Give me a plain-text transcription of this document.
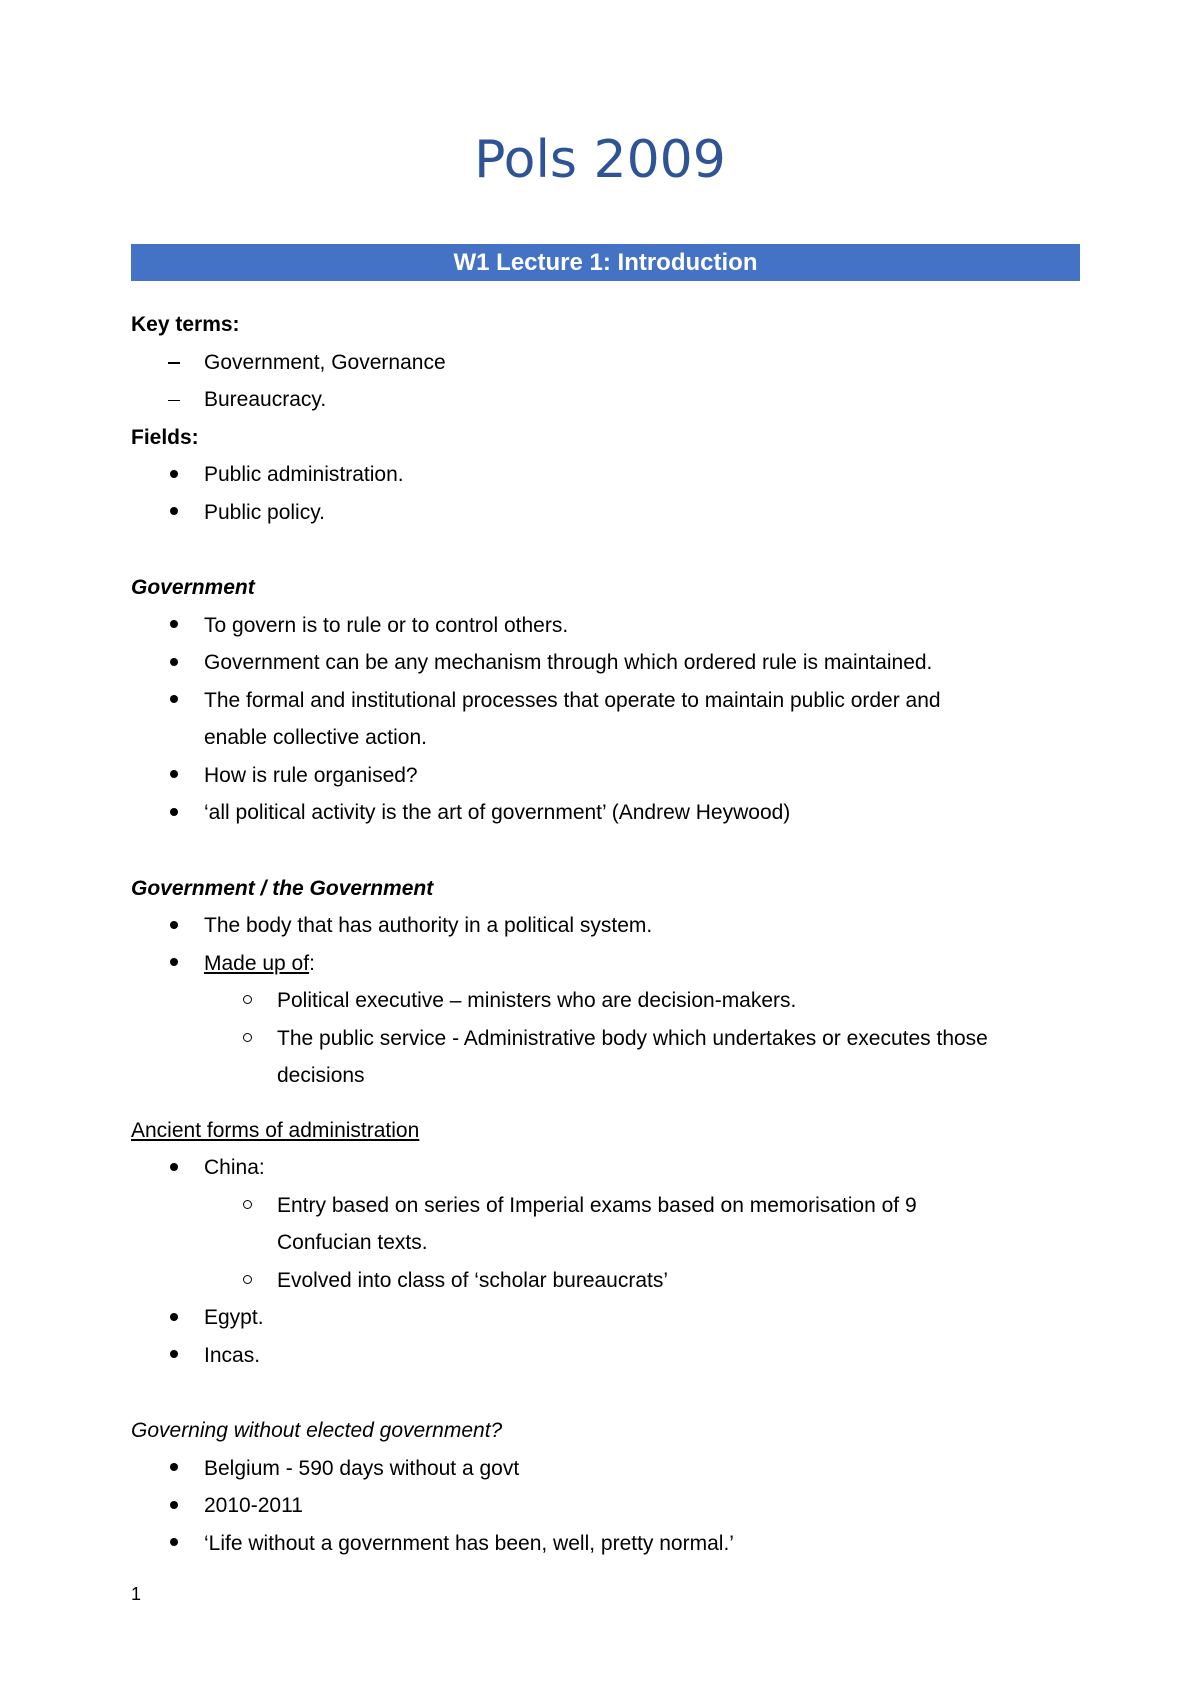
Pols 2009
W1 Lecture 1: Introduction
Key terms:
Government, Governance
Bureaucracy.
Fields:
Public administration.
Public policy.
Government
To govern is to rule or to control others.
Government can be any mechanism through which ordered rule is maintained.
The formal and institutional processes that operate to maintain public order and
enable collective action.
How is rule organised?
‘all political activity is the art of government’ (Andrew Heywood)
Government / the Government
The body that has authority in a political system.
Made up of:
Political executive – ministers who are decision-makers.
The public service - Administrative body which undertakes or executes those
decisions
Ancient forms of administration
China:
Entry based on series of Imperial exams based on memorisation of 9
Confucian texts.
Evolved into class of ‘scholar bureaucrats’
Egypt.
Incas.
Governing without elected government?
Belgium - 590 days without a govt
2010-2011
‘Life without a government has been, well, pretty normal.’
1
